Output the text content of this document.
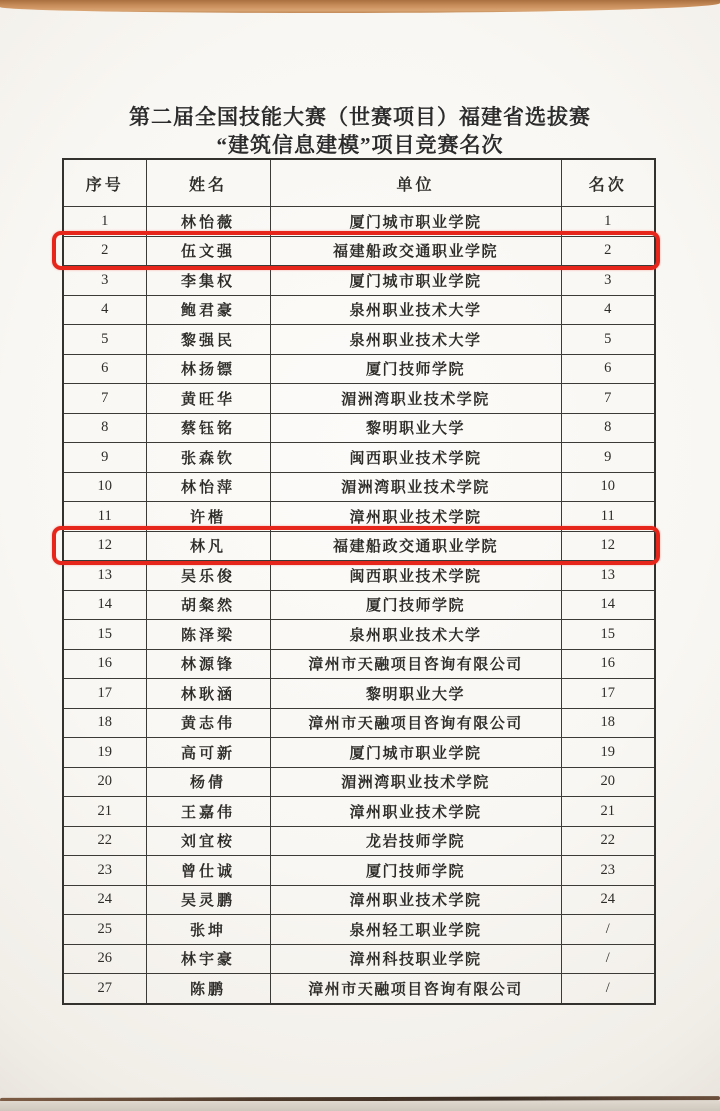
第二届全国技能大赛（世赛项目）福建省选拔赛
“建筑信息建模”项目竞赛名次
序号	姓名	单位	名次
1	林怡薇	厦门城市职业学院	1
2	伍文强	福建船政交通职业学院	2
3	李集权	厦门城市职业学院	3
4	鲍君豪	泉州职业技术大学	4
5	黎强民	泉州职业技术大学	5
6	林扬镖	厦门技师学院	6
7	黄旺华	湄洲湾职业技术学院	7
8	蔡钰铭	黎明职业大学	8
9	张森钦	闽西职业技术学院	9
10	林怡萍	湄洲湾职业技术学院	10
11	许楷	漳州职业技术学院	11
12	林凡	福建船政交通职业学院	12
13	吴乐俊	闽西职业技术学院	13
14	胡粲然	厦门技师学院	14
15	陈泽梁	泉州职业技术大学	15
16	林源锋	漳州市天融项目咨询有限公司	16
17	林耿涵	黎明职业大学	17
18	黄志伟	漳州市天融项目咨询有限公司	18
19	高可新	厦门城市职业学院	19
20	杨倩	湄洲湾职业技术学院	20
21	王嘉伟	漳州职业技术学院	21
22	刘宜桉	龙岩技师学院	22
23	曾仕诚	厦门技师学院	23
24	吴灵鹏	漳州职业技术学院	24
25	张坤	泉州轻工职业学院	/
26	林宇豪	漳州科技职业学院	/
27	陈鹏	漳州市天融项目咨询有限公司	/
